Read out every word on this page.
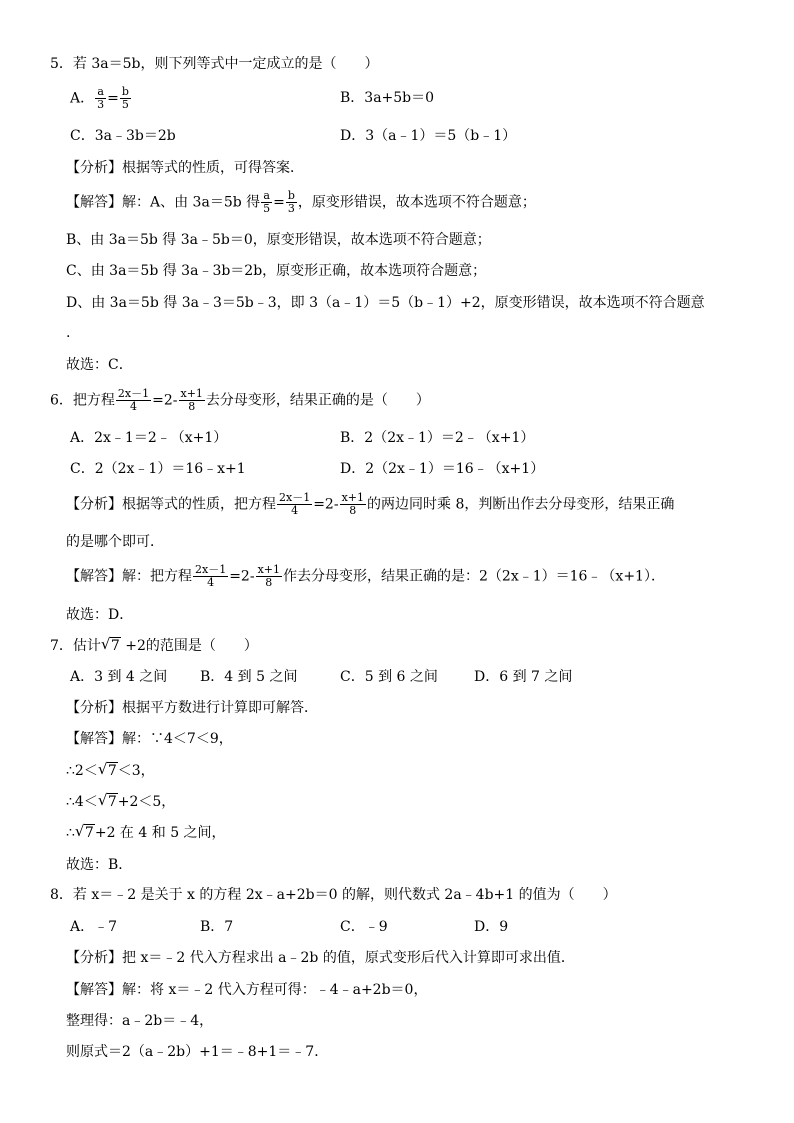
5．若 3a＝5b，则下列等式中一定成立的是（　　）
A． $\frac{a}{3} = \frac{b}{5}$	B．3a+5b＝0
C．3a﹣3b＝2b	D．3（a﹣1）＝5（b﹣1）
【分析】根据等式的性质，可得答案．
【解答】解：A、由 3a＝5b 得 $\frac{a}{5} = \frac{b}{3}$ ，原变形错误，故本选项不符合题意；
B、由 3a＝5b 得 3a﹣5b＝0，原变形错误，故本选项不符合题意；
C、由 3a＝5b 得 3a﹣3b＝2b，原变形正确，故本选项符合题意；
D、由 3a＝5b 得 3a﹣3＝5b﹣3，即 3（a﹣1）＝5（b﹣1）+2，原变形错误，故本选项不符合题意
.
故选：C．
6．把方程 $\frac{2x-1}{4} =2- \frac{x+1}{8}$ 去分母变形，结果正确的是（　　）
A．2x﹣1＝2﹣（x+1）	B．2（2x﹣1）＝2﹣（x+1）
C．2（2x﹣1）＝16﹣x+1	D．2（2x﹣1）＝16﹣（x+1）
【分析】根据等式的性质，把方程 $\frac{2x-1}{4} =2- \frac{x+1}{8}$ 的两边同时乘 8，判断出作去分母变形，结果正确
的是哪个即可．
【解答】解：把方程 $\frac{2x-1}{4} =2- \frac{x+1}{8}$ 作去分母变形，结果正确的是：2（2x﹣1）＝16﹣（x+1）．
故选：D．
7．估计 √ 7 +2的范围是（　　）
A．3 到 4 之间 B．4 到 5 之间	C．5 到 6 之间	D．6 到 7 之间
【分析】根据平方数进行计算即可解答．
【解答】解：∵4＜7＜9，
∴2＜ √ 7＜3，
∴4＜ √ 7+2＜5，
∴ √ 7+2 在 4 和 5 之间，
故选：B．
8．若 x＝﹣2 是关于 x 的方程 2x﹣a+2b＝0 的解，则代数式 2a﹣4b+1 的值为（　　）
A．﹣7	B．7	C．﹣9	D．9
【分析】把 x＝﹣2 代入方程求出 a﹣2b 的值，原式变形后代入计算即可求出值．
【解答】解：将 x＝﹣2 代入方程可得：﹣4﹣a+2b＝0，
整理得：a﹣2b＝﹣4，
则原式＝2（a﹣2b）+1＝﹣8+1＝﹣7．
